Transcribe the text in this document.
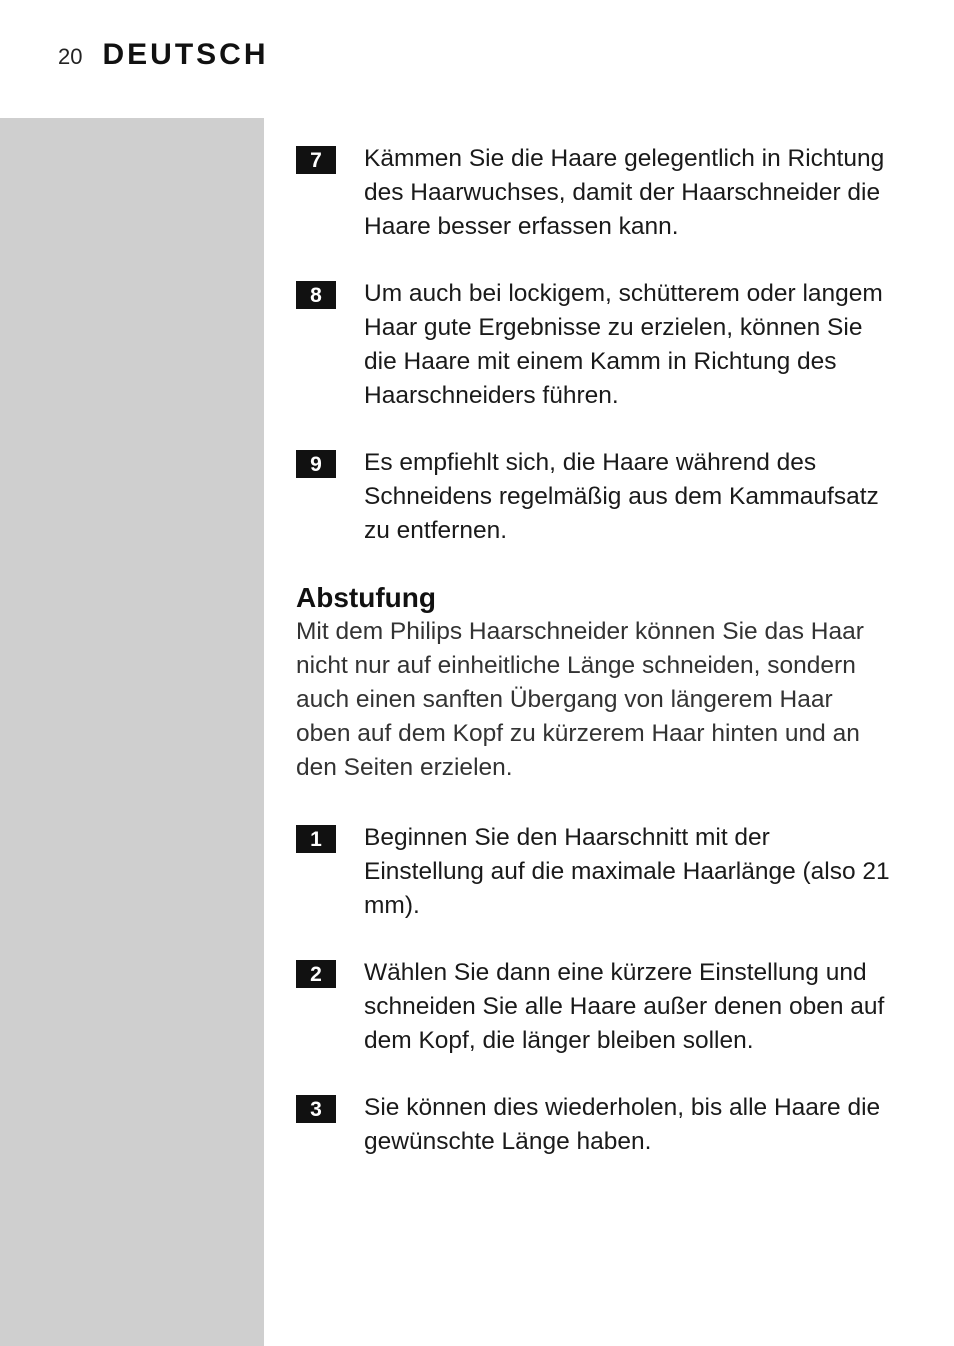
20 DEUTSCH
7	Kämmen Sie die Haare gelegentlich in Richtung des Haarwuchses, damit der Haarschneider die Haare besser erfassen kann.
8	Um auch bei lockigem, schütterem oder langem Haar gute Ergebnisse zu erzielen, können Sie die Haare mit einem Kamm in Richtung des Haarschneiders führen.
9	Es empfiehlt sich, die Haare während des Schneidens regelmäßig aus dem Kammaufsatz zu entfernen.
Abstufung
Mit dem Philips Haarschneider können Sie das Haar nicht nur auf einheitliche Länge schneiden, sondern auch einen sanften Übergang von längerem Haar oben auf dem Kopf zu kürzerem Haar hinten und an den Seiten erzielen.
1	Beginnen Sie den Haarschnitt mit der Einstellung auf die maximale Haarlänge (also 21 mm).
2	Wählen Sie dann eine kürzere Einstellung und schneiden Sie alle Haare außer denen oben auf dem Kopf, die länger bleiben sollen.
3	Sie können dies wiederholen, bis alle Haare die gewünschte Länge haben.
